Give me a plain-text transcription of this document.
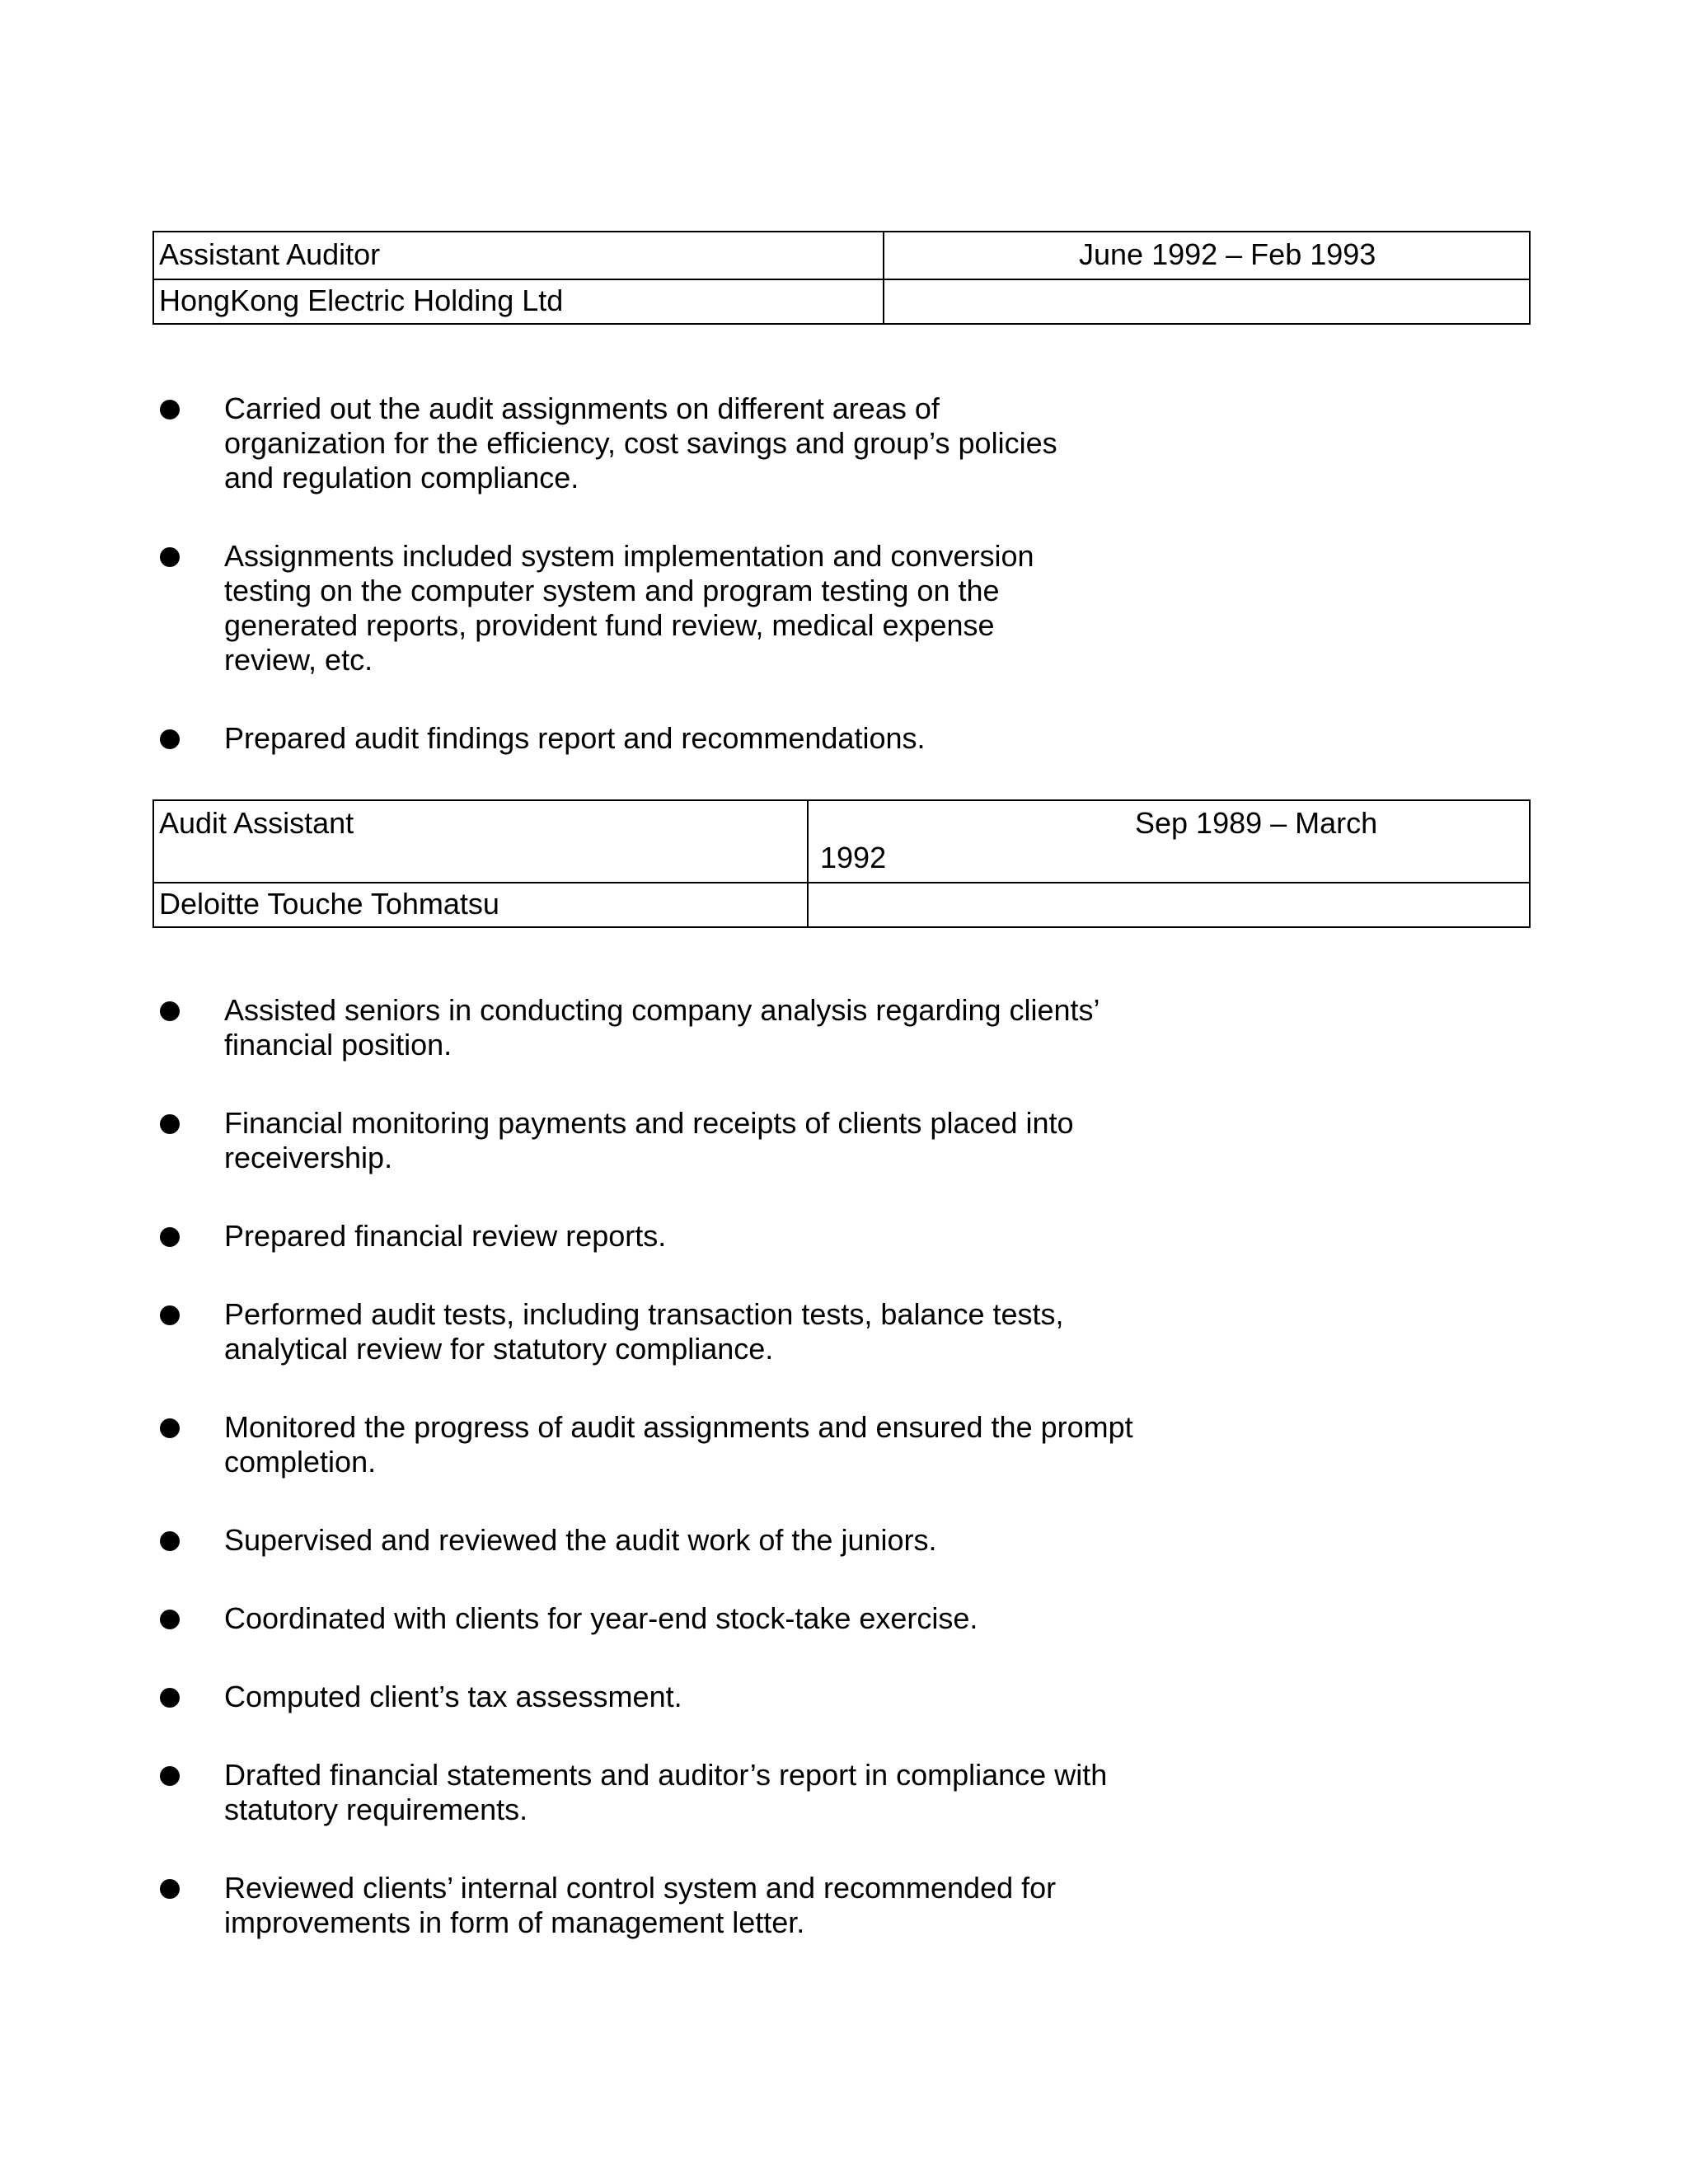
Assistant Auditor	June 1992 – Feb 1993
HongKong Electric Holding Ltd	
Carried out the audit assignments on different areas of organization for the efficiency, cost savings and group’s policies and regulation compliance.
Assignments included system implementation and conversion testing on the computer system and program testing on the generated reports, provident fund review, medical expense review, etc.
Prepared audit findings report and recommendations.
Audit Assistant	Sep 1989 – March
1992

Deloitte Touche Tohmatsu	
Assisted seniors in conducting company analysis regarding clients’ financial position.
Financial monitoring payments and receipts of clients placed into receivership.
Prepared financial review reports.
Performed audit tests, including transaction tests, balance tests, analytical review for statutory compliance.
Monitored the progress of audit assignments and ensured the prompt completion.
Supervised and reviewed the audit work of the juniors.
Coordinated with clients for year-end stock-take exercise.
Computed client’s tax assessment.
Drafted financial statements and auditor’s report in compliance with statutory requirements.
Reviewed clients’ internal control system and recommended for improvements in form of management letter.
